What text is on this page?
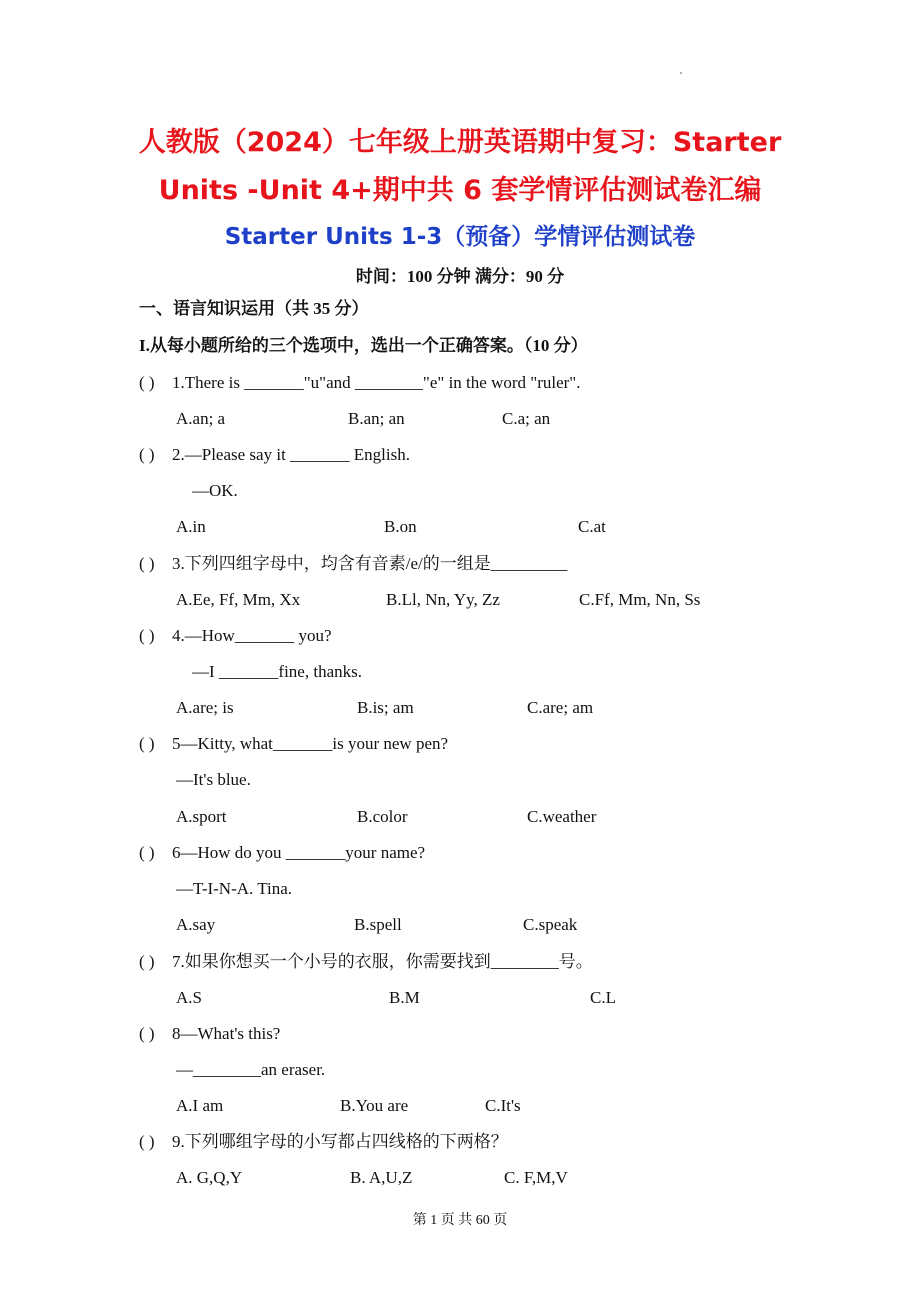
人教版（2024）七年级上册英语期中复习：Starter
Units -Unit 4+期中共 6 套学情评估测试卷汇编
Starter Units 1-3（预备）学情评估测试卷
时间：100 分钟 满分：90 分
一、语言知识运用（共 35 分）
I.从每小题所给的三个选项中，选出一个正确答案。（10 分）
( ) 1.There is _______"u"and ________"e" in the word "ruler".
A.an; a	B.an; an	C.a; an
( ) 2.—Please say it _______ English.
—OK.
A.in	B.on	C.at
( ) 3.下列四组字母中，均含有音素/e/的一组是_________
A.Ee, Ff, Mm, Xx	B.Ll, Nn, Yy, Zz	C.Ff, Mm, Nn, Ss
( ) 4.—How_______ you?
—I _______fine, thanks.
A.are; is	B.is; am	C.are; am
( ) 5—Kitty, what_______is your new pen?
—It's blue.
A.sport	B.color	C.weather
( ) 6—How do you _______your name?
—T-I-N-A. Tina.
A.say	B.spell	C.speak
( ) 7.如果你想买一个小号的衣服，你需要找到________号。
A.S	B.M	C.L
( ) 8—What's this?
—________an eraser.
A.I am	B.You are	C.It's
( ) 9.下列哪组字母的小写都占四线格的下两格？
A. G,Q,Y	B. A,U,Z	C. F,M,V
第 1 页 共 60 页
